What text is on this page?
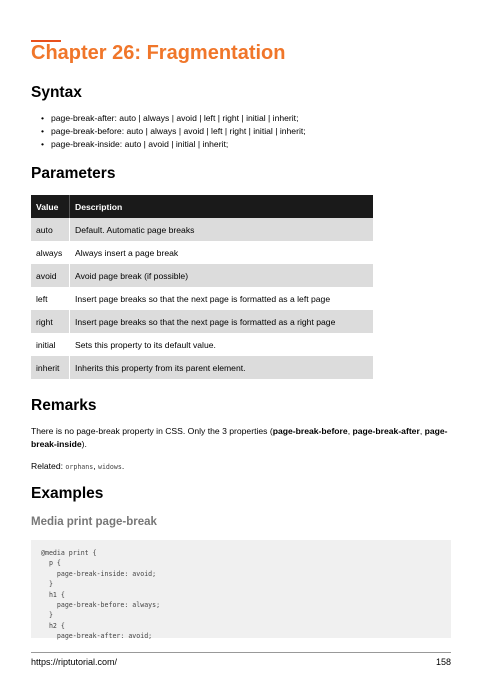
Chapter 26: Fragmentation
Syntax
• page-break-after: auto | always | avoid | left | right | initial | inherit;
• page-break-before: auto | always | avoid | left | right | initial | inherit;
• page-break-inside: auto | avoid | initial | inherit;
Parameters
Value	Description
auto	Default. Automatic page breaks
always	Always insert a page break
avoid	Avoid page break (if possible)
left	Insert page breaks so that the next page is formatted as a left page
right	Insert page breaks so that the next page is formatted as a right page
initial	Sets this property to its default value.
inherit	Inherits this property from its parent element.
Remarks

There is no page-break property in CSS. Only the 3 properties (page-break-before, page-break-after, page-break-inside).

Related: orphans, widows.

Examples
Media print page-break
@media print {
p {
page-break-inside: avoid;
}
h1 {
page-break-before: always;
}
h2 {
page-break-after: avoid;
https://riptutorial.com/	158
